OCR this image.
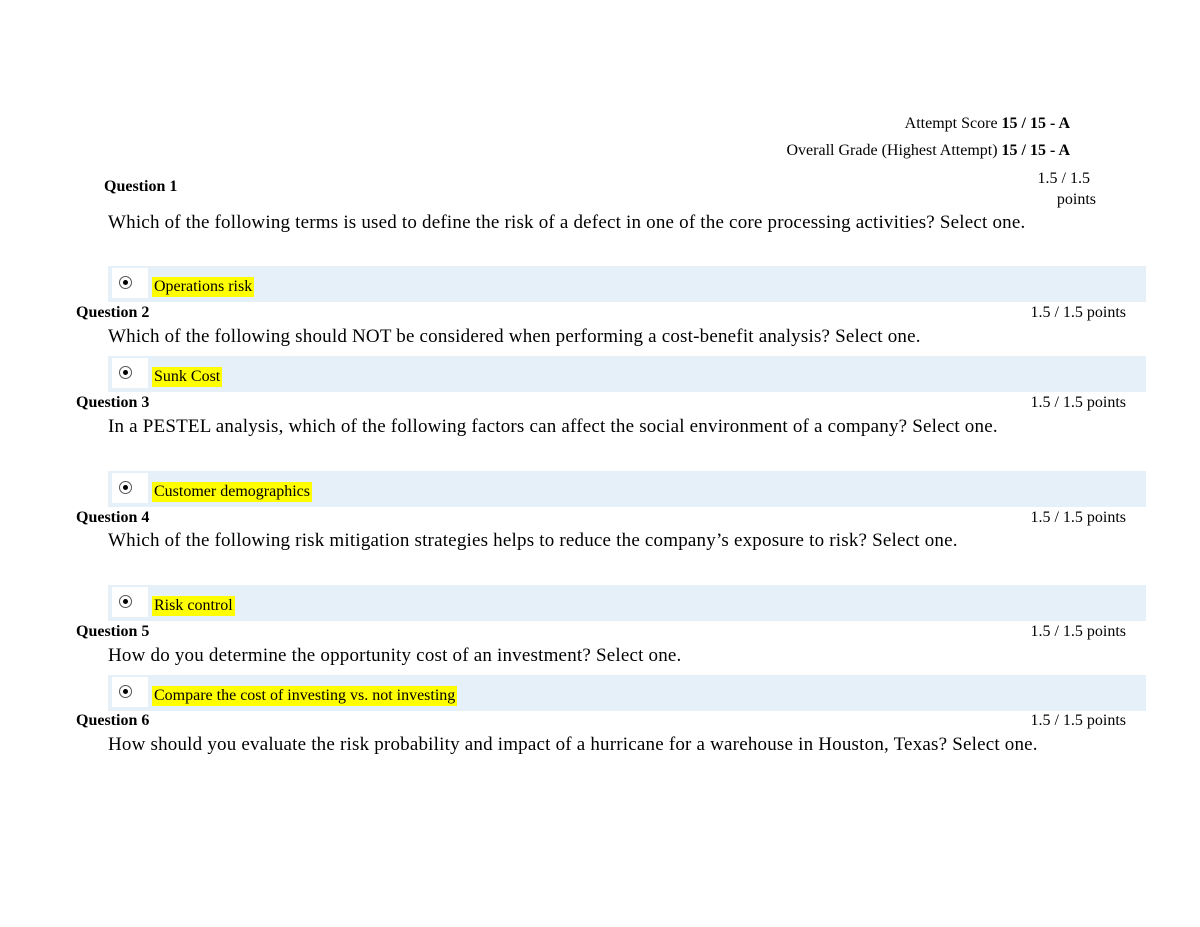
Attempt Score 15 / 15 - A
Overall Grade (Highest Attempt) 15 / 15 - A
Question 1	1.5 / 1.5
points
Which of the following terms is used to define the risk of a defect in one of the core processing activities? Select one.
Operations risk
Question 2	1.5 / 1.5 points
Which of the following should NOT be considered when performing a cost-benefit analysis? Select one.
Sunk Cost
Question 3	1.5 / 1.5 points
In a PESTEL analysis, which of the following factors can affect the social environment of a company? Select one.
Customer demographics
Question 4	1.5 / 1.5 points
Which of the following risk mitigation strategies helps to reduce the company’s exposure to risk? Select one.
Risk control
Question 5	1.5 / 1.5 points
How do you determine the opportunity cost of an investment? Select one.
Compare the cost of investing vs. not investing
Question 6	1.5 / 1.5 points
How should you evaluate the risk probability and impact of a hurricane for a warehouse in Houston, Texas? Select one.
